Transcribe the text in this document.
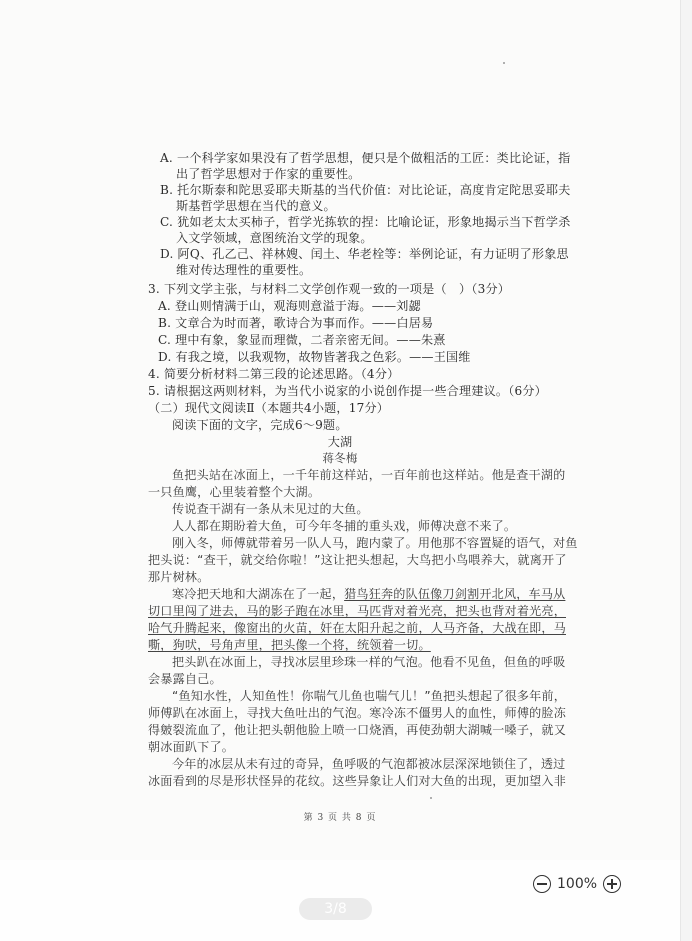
A. 一个科学家如果没有了哲学思想，便只是个做粗活的工匠：类比论证，指
出了哲学思想对于作家的重要性。
B. 托尔斯泰和陀思妥耶夫斯基的当代价值：对比论证，高度肯定陀思妥耶夫
斯基哲学思想在当代的意义。
C. 犹如老太太买柿子，哲学光拣软的捏：比喻论证，形象地揭示当下哲学杀
入文学领域，意图统治文学的现象。
D. 阿Q、孔乙己、祥林嫂、闰土、华老栓等：举例论证，有力证明了形象思
维对传达理性的重要性。
3. 下列文学主张，与材料二文学创作观一致的一项是（　）（3分）
A. 登山则情满于山，观海则意溢于海。——刘勰
B. 文章合为时而著，歌诗合为事而作。——白居易
C. 理中有象，象显而理微，二者亲密无间。——朱熹
D. 有我之境，以我观物，故物皆著我之色彩。——王国维
4. 简要分析材料二第三段的论述思路。（4分）
5. 请根据这两则材料，为当代小说家的小说创作提一些合理建议。（6分）
（二）现代文阅读Ⅱ（本题共4小题，17分）
阅读下面的文字，完成6～9题。
大湖
蒋冬梅
鱼把头站在冰面上，一千年前这样站，一百年前也这样站。他是查干湖的
一只鱼鹰，心里装着整个大湖。
传说查干湖有一条从未见过的大鱼。
人人都在期盼着大鱼，可今年冬捕的重头戏，师傅决意不来了。
刚入冬，师傅就带着另一队人马，跑内蒙了。用他那不容置疑的语气，对鱼
把头说：“查干，就交给你啦！”这让把头想起，大鸟把小鸟喂养大，就离开了
那片树林。
寒冷把天地和大湖冻在了一起，猎鸟狂奔的队伍像刀剑割开北风，车马从
切口里闯了进去，马的影子跑在冰里，马匹背对着光亮，把头也背对着光亮，
哈气升腾起来，像窗出的火苗，奸在太阳升起之前，人马齐备，大战在即，马
嘶，狗吠，号角声里，把头像一个将，统领着一切。
把头趴在冰面上，寻找冰层里珍珠一样的气泡。他看不见鱼，但鱼的呼吸
会暴露自己。
“鱼知水性，人知鱼性！你喘气儿鱼也喘气儿！”鱼把头想起了很多年前，
师傅趴在冰面上，寻找大鱼吐出的气泡。寒冷冻不僵男人的血性，师傅的脸冻
得皴裂流血了，他让把头朝他脸上喷一口烧酒，再使劲朝大湖喊一嗓子，就又
朝冰面趴下了。
今年的冰层从未有过的奇异，鱼呼吸的气泡都被冰层深深地锁住了，透过
冰面看到的尽是形状怪异的花纹。这些异象让人们对大鱼的出现，更加望入非
第 3 页 共 8 页
100%
3/8
